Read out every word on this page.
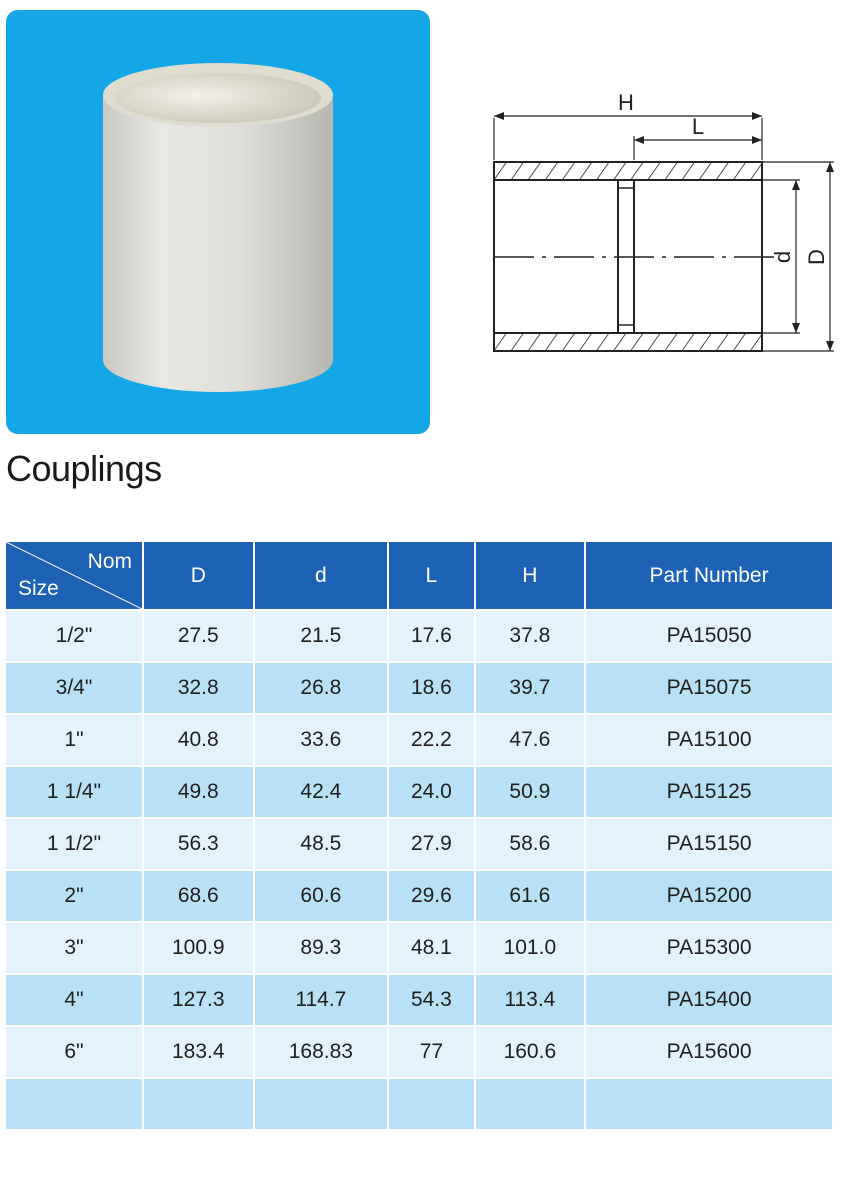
H
L
d D
Couplings
Nom
Size	D	d	L	H	Part Number
1/2"	27.5	21.5	17.6	37.8	PA15050
3/4"	32.8	26.8	18.6	39.7	PA15075
1"	40.8	33.6	22.2	47.6	PA15100
1 1/4"	49.8	42.4	24.0	50.9	PA15125
1 1/2"	56.3	48.5	27.9	58.6	PA15150
2"	68.6	60.6	29.6	61.6	PA15200
3"	100.9	89.3	48.1	101.0	PA15300
4"	127.3	114.7	54.3	113.4	PA15400
6"	183.4	168.83	77	160.6	PA15600
